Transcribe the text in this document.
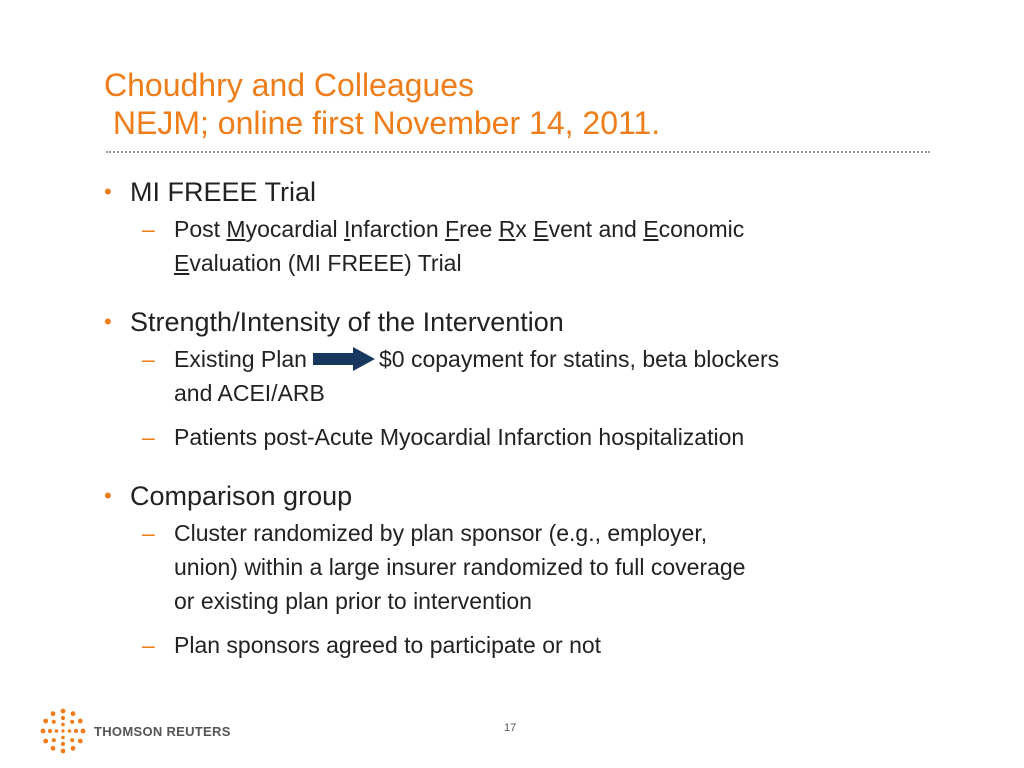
Choudhry and Colleagues
NEJM; online first November 14, 2011.
• MI FREEE Trial
– Post Myocardial Infarction Free Rx Event and Economic
Evaluation (MI FREEE) Trial
• Strength/Intensity of the Intervention
– Existing Plan	$0 copayment for statins, beta blockers
and ACEI/ARB
– Patients post-Acute Myocardial Infarction hospitalization
• Comparison group
– Cluster randomized by plan sponsor (e.g., employer,
union) within a large insurer randomized to full coverage
or existing plan prior to intervention
– Plan sponsors agreed to participate or not
THOMSON REUTERS	17
